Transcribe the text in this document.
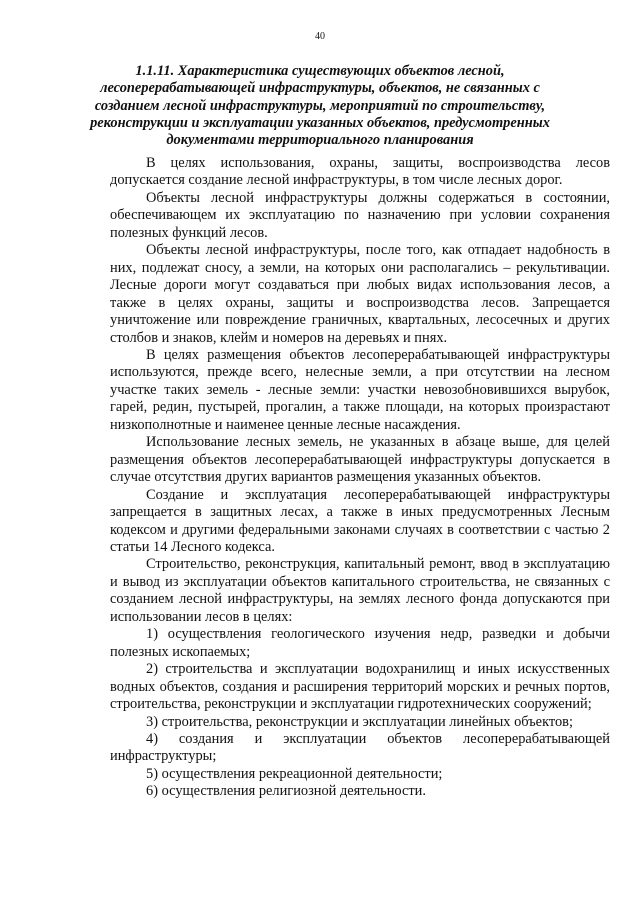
40
1.1.11. Характеристика существующих объектов лесной, лесоперерабатывающей инфраструктуры, объектов, не связанных с созданием лесной инфраструктуры, мероприятий по строительству, реконструкции и эксплуатации указанных объектов, предусмотренных документами территориального планирования

В целях использования, охраны, защиты, воспроизводства лесов допускается создание лесной инфраструктуры, в том числе лесных дорог.

Объекты лесной инфраструктуры должны содержаться в состоянии, обеспечивающем их эксплуатацию по назначению при условии сохранения полезных функций лесов.

Объекты лесной инфраструктуры, после того, как отпадает надобность в них, подлежат сносу, а земли, на которых они располагались – рекультивации. Лесные дороги могут создаваться при любых видах использования лесов, а также в целях охраны, защиты и воспроизводства лесов. Запрещается уничтожение или повреждение граничных, квартальных, лесосечных и других столбов и знаков, клейм и номеров на деревьях и пнях.

В целях размещения объектов лесоперерабатывающей инфраструктуры используются, прежде всего, нелесные земли, а при отсутствии на лесном участке таких земель - лесные земли: участки невозобновившихся вырубок, гарей, редин, пустырей, прогалин, а также площади, на которых произрастают низкополнотные и наименее ценные лесные насаждения.

Использование лесных земель, не указанных в абзаце выше, для целей размещения объектов лесоперерабатывающей инфраструктуры допускается в случае отсутствия других вариантов размещения указанных объектов.

Создание и эксплуатация лесоперерабатывающей инфраструктуры запрещается в защитных лесах, а также в иных предусмотренных Лесным кодексом и другими федеральными законами случаях в соответствии с частью 2 статьи 14 Лесного кодекса.

Строительство, реконструкция, капитальный ремонт, ввод в эксплуатацию и вывод из эксплуатации объектов капитального строительства, не связанных с созданием лесной инфраструктуры, на землях лесного фонда допускаются при использовании лесов в целях:

1) осуществления геологического изучения недр, разведки и добычи полезных ископаемых;

2) строительства и эксплуатации водохранилищ и иных искусственных водных объектов, создания и расширения территорий морских и речных портов, строительства, реконструкции и эксплуатации гидротехнических сооружений;

3) строительства, реконструкции и эксплуатации линейных объектов;

4) создания и эксплуатации объектов лесоперерабатывающей инфраструктуры;

5) осуществления рекреационной деятельности;

6) осуществления религиозной деятельности.
